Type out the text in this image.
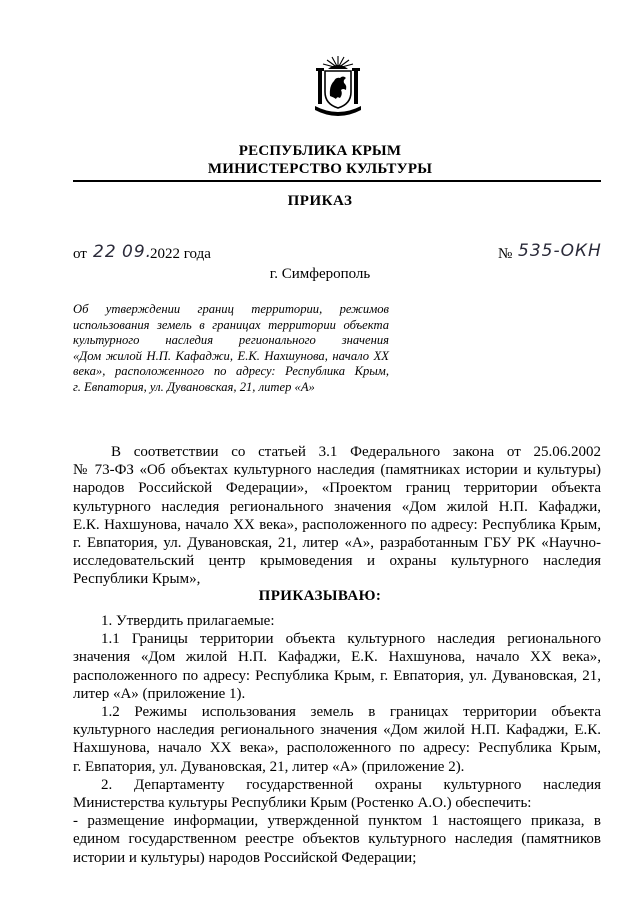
РЕСПУБЛИКА КРЫМ
МИНИСТЕРСТВО КУЛЬТУРЫ
ПРИКАЗ
от 22 09.
2022 года	№ 535-ОКН
г. Симферополь
Об утверждении границ территории, режимов
использования земель в границах территории объекта
культурного наследия регионального значения
«Дом жилой Н.П. Кафаджи, Е.К. Нахшунова, начало XX
века», расположенного по адресу: Республика Крым,
г. Евпатория, ул. Дувановская, 21, литер «А»
В соответствии со статьей 3.1 Федерального закона от 25.06.2002
№ 73-ФЗ «Об объектах культурного наследия (памятниках истории и культуры)
народов Российской Федерации», «Проектом границ территории объекта
культурного наследия регионального значения «Дом жилой Н.П. Кафаджи,
Е.К. Нахшунова, начало XX века», расположенного по адресу: Республика Крым,
г. Евпатория, ул. Дувановская, 21, литер «А», разработанным ГБУ РК «Научно-
исследовательский центр крымоведения и охраны культурного наследия
Республики Крым»,
ПРИКАЗЫВАЮ:
1. Утвердить прилагаемые:
1.1 Границы территории объекта культурного наследия регионального
значения «Дом жилой Н.П. Кафаджи, Е.К. Нахшунова, начало XX века»,
расположенного по адресу: Республика Крым, г. Евпатория, ул. Дувановская, 21,
литер «А» (приложение 1).
1.2 Режимы использования земель в границах территории объекта
культурного наследия регионального значения «Дом жилой Н.П. Кафаджи, Е.К.
Нахшунова, начало XX века», расположенного по адресу: Республика Крым,
г. Евпатория, ул. Дувановская, 21, литер «А» (приложение 2).
2. Департаменту государственной охраны культурного наследия
Министерства культуры Республики Крым (Ростенко А.О.) обеспечить:
- размещение информации, утвержденной пунктом 1 настоящего приказа, в
едином государственном реестре объектов культурного наследия (памятников
истории и культуры) народов Российской Федерации;
